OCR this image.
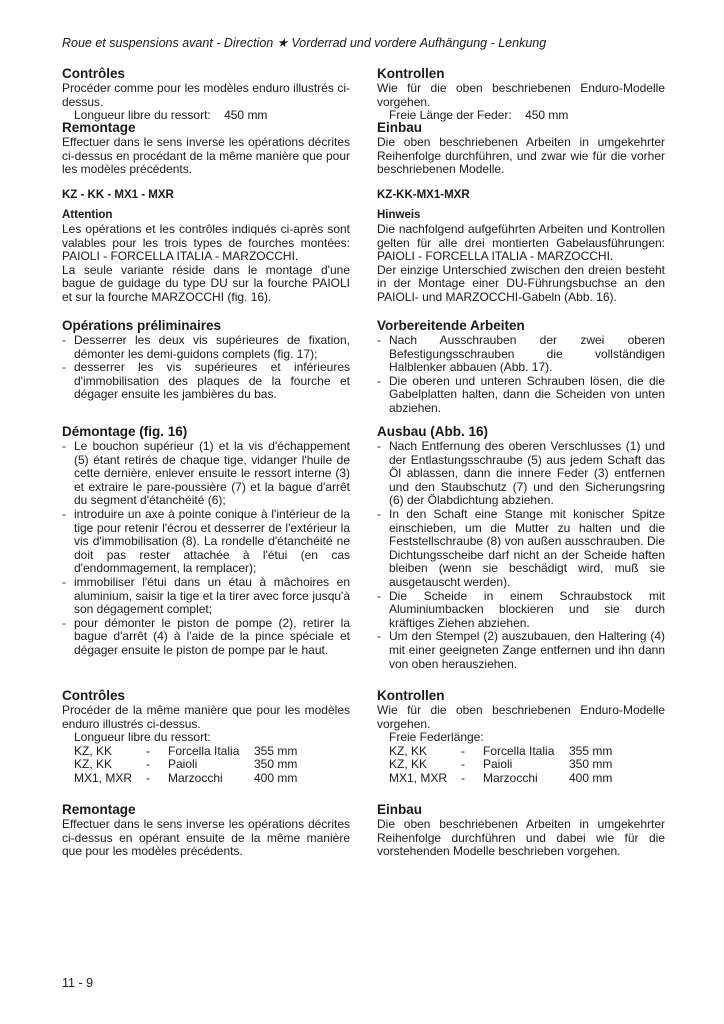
Roue et suspensions avant - Direction ★ Vorderrad und vordere Aufhängung - Lenkung
Contrôles

Procéder comme pour les modèles enduro illustrés ci-dessus.

Longueur libre du ressort:    450 mm

Remontage

Effectuer dans le sens inverse les opérations décrites ci-dessus en procédant de la même manière que pour les modèles précédents.

KZ - KK - MX1 - MXR
Attention

Les opérations et les contrôles indiqués ci-après sont valables pour les trois types de fourches montées: PAIOLI - FORCELLA ITALIA - MARZOCCHI.

La seule variante réside dans le montage d'une bague de guidage du type DU sur la fourche PAIOLI et sur la fourche MARZOCCHI (fig. 16).

Opérations préliminaires
- Desserrer les deux vis supérieures de fixation, démonter les demi-guidons complets (fig. 17);
- desserrer les vis supérieures et inférieures d'immobilisation des plaques de la fourche et dégager ensuite les jambières du bas.
Démontage (fig. 16)
- Le bouchon supérieur (1) et la vis d'échappement (5) étant retirés de chaque tige, vidanger l'huile de cette dernière, enlever ensuite le ressort interne (3) et extraire le pare-poussière (7) et la bague d'arrêt du segment d'étanchéité (6);
- introduire un axe à pointe conique à l'intérieur de la tige pour retenir l'écrou et desserrer de l'extérieur la vis d'immobilisation (8). La rondelle d'étanchéité ne doit pas rester attachée à l'étui (en cas d'endommagement, la remplacer);
- immobiliser l'étui dans un étau à mâchoires en aluminium, saisir la tige et la tirer avec force jusqu'à son dégagement complet;
- pour démonter le piston de pompe (2), retirer la bague d'arrêt (4) à l'aide de la pince spéciale et dégager ensuite le piston de pompe par le haut.
Contrôles

Procéder de la même manière que pour les modèles enduro illustrés ci-dessus.

Longueur libre du ressort:

KZ, KK	-	Forcella Italia	355 mm
KZ, KK	-	Paioli	350 mm
MX1, MXR	-	Marzocchi	400 mm
Remontage

Effectuer dans le sens inverse les opérations décrites ci-dessus en opérant ensuite de la même manière que pour les modèles précédents.

Kontrollen

Wie für die oben beschriebenen Enduro-Modelle vorgehen.

Freie Länge der Feder:    450 mm

Einbau

Die oben beschriebenen Arbeiten in umgekehrter Reihenfolge durchführen, und zwar wie für die vorher beschriebenen Modelle.

KZ-KK-MX1-MXR
Hinweis

Die nachfolgend aufgeführten Arbeiten und Kontrollen gelten für alle drei montierten Gabelausführungen: PAIOLI - FORCELLA ITALIA - MARZOCCHI.

Der einzige Unterschied zwischen den dreien besteht in der Montage einer DU-Führungsbuchse an den PAIOLI- und MARZOCCHI-Gabeln (Abb. 16).

Vorbereitende Arbeiten
- Nach Ausschrauben der zwei oberen Befestigungsschrauben die vollständigen Halblenker abbauen (Abb. 17).
- Die oberen und unteren Schrauben lösen, die die Gabelplatten halten, dann die Scheiden von unten abziehen.
Ausbau (Abb. 16)
- Nach Entfernung des oberen Verschlusses (1) und der Entlastungsschraube (5) aus jedem Schaft das Öl ablassen, dann die innere Feder (3) entfernen und den Staubschutz (7) und den Sicherungsring (6) der Ölabdichtung abziehen.
- In den Schaft eine Stange mit konischer Spitze einschieben, um die Mutter zu halten und die Feststellschraube (8) von außen ausschrauben. Die Dichtungsscheibe darf nicht an der Scheide haften bleiben (wenn sie beschädigt wird, muß sie ausgetauscht werden).
- Die Scheide in einem Schraubstock mit Aluminiumbacken blockieren und sie durch kräftiges Ziehen abziehen.
- Um den Stempel (2) auszubauen, den Haltering (4) mit einer geeigneten Zange entfernen und ihn dann von oben herausziehen.
Kontrollen

Wie für die oben beschriebenen Enduro-Modelle vorgehen.

Freie Federlänge:

KZ, KK	-	Forcella Italia	355 mm
KZ, KK	-	Paioli	350 mm
MX1, MXR	-	Marzocchi	400 mm
Einbau

Die oben beschriebenen Arbeiten in umgekehrter Reihenfolge durchführen und dabei wie für die vorstehenden Modelle beschrieben vorgehen.

11 - 9
